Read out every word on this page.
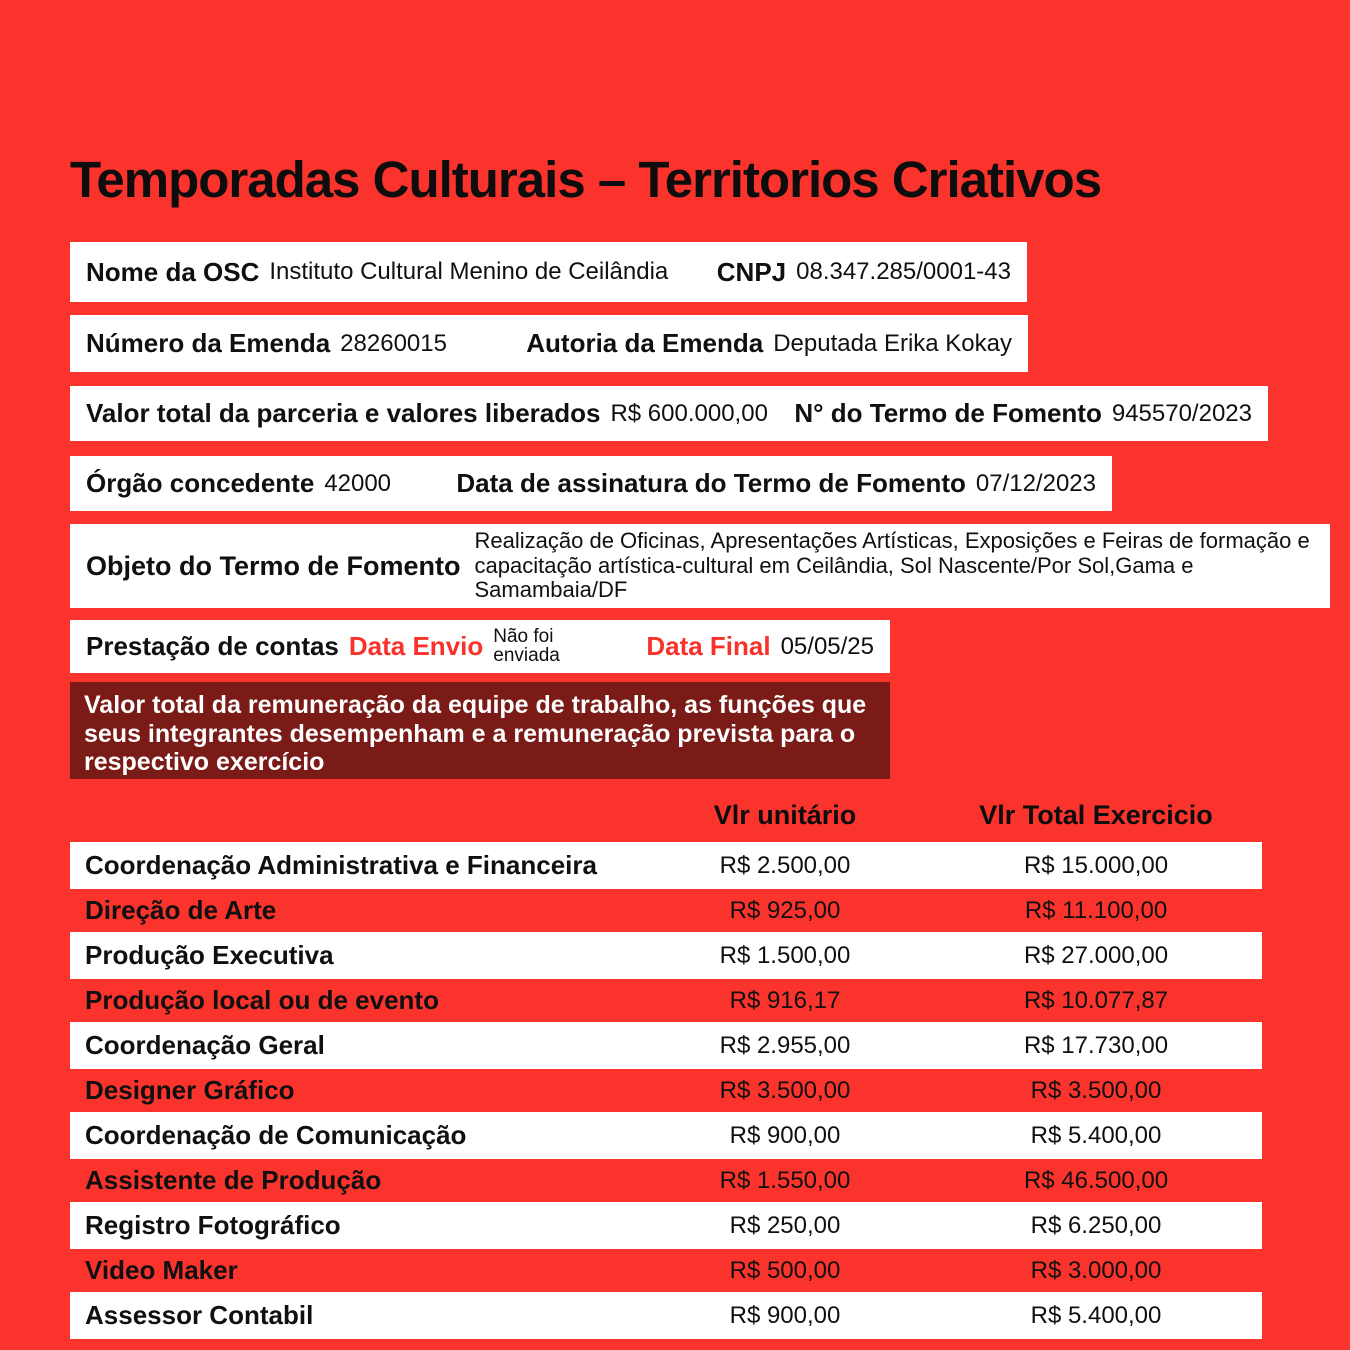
Temporadas Culturais – Territorios Criativos
Nome da OSC Instituto Cultural Menino de Ceilândia CNPJ 08.347.285/0001-43
Número da Emenda 28260015	Autoria da Emenda Deputada Erika Kokay
Valor total da parceria e valores liberados R$ 600.000,00 N° do Termo de Fomento 945570/2023
Órgão concedente 42000	Data de assinatura do Termo de Fomento 07/12/2023
Objeto do Termo de Fomento
Realização de Oficinas, Apresentações Artísticas, Exposições e Feiras de formação e capacitação artística-cultural em Ceilândia, Sol Nascente/Por Sol,Gama e Samambaia/DF
Prestação de contas Data Envio Não foi enviada	Data Final 05/05/25
Valor total da remuneração da equipe de trabalho, as funções que seus integrantes desempenham e a remuneração prevista para o respectivo exercício
Vlr unitário	Vlr Total Exercicio
Coordenação Administrativa e Financeira	R$ 2.500,00	R$ 15.000,00
Direção de Arte	R$ 925,00	R$ 11.100,00
Produção Executiva	R$ 1.500,00	R$ 27.000,00
Produção local ou de evento	R$ 916,17	R$ 10.077,87
Coordenação Geral	R$ 2.955,00	R$ 17.730,00
Designer Gráfico	R$ 3.500,00	R$ 3.500,00
Coordenação de Comunicação	R$ 900,00	R$ 5.400,00
Assistente de Produção	R$ 1.550,00	R$ 46.500,00
Registro Fotográfico	R$ 250,00	R$ 6.250,00
Video Maker	R$ 500,00	R$ 3.000,00
Assessor Contabil	R$ 900,00	R$ 5.400,00
